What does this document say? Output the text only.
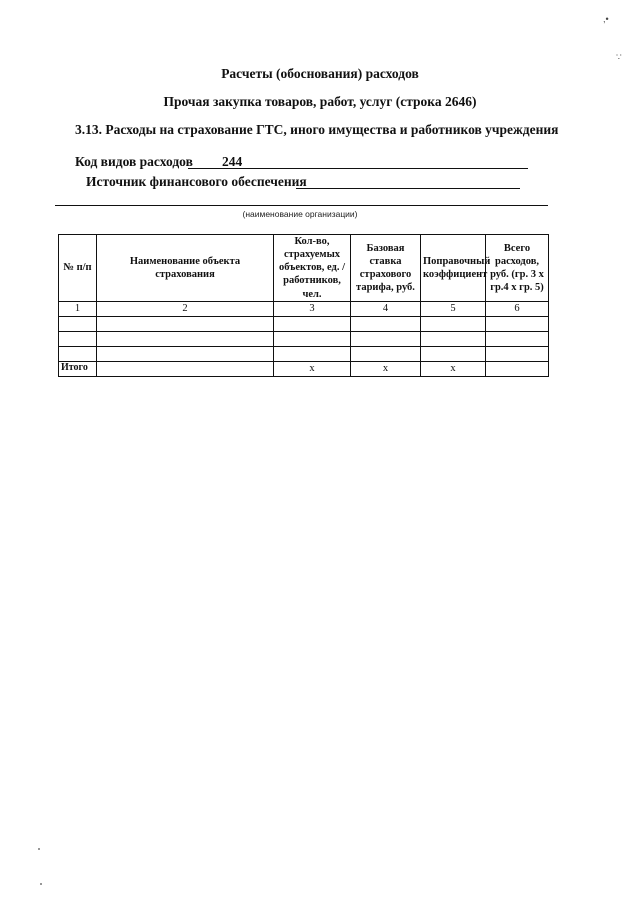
,•
∵
Расчеты (обоснования) расходов
Прочая закупка товаров, работ, услуг (строка 2646)
3.13. Расходы на страхование ГТС, иного имущества и работников учреждения
Код видов расходов 244
Источник финансового обеспечения
(наименование организации)
№ п/п	Наименование объекта страхования	Кол-во, страхуемых объектов, ед. / работников, чел.	Базовая ставка страхового тарифа, руб.	Поправочный коэффициент	Всего расходов, руб. (гр. 3 х гр.4 х гр. 5)
1	2	3	4	5	6

Итого		х	х	х	
